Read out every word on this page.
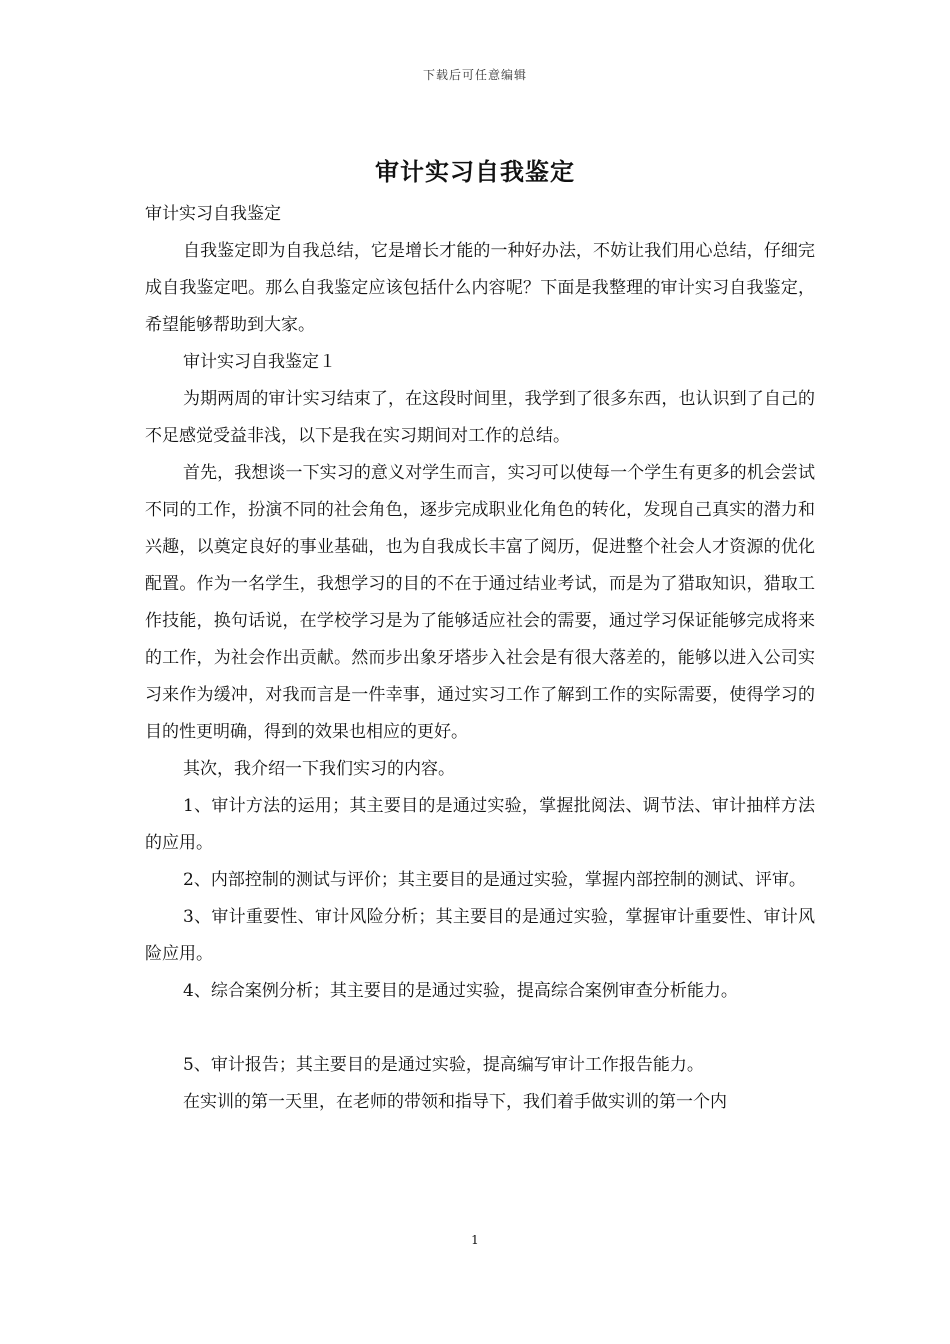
下载后可任意编辑
审计实习自我鉴定

审计实习自我鉴定

自我鉴定即为自我总结，它是增长才能的一种好办法，不妨让我们用心总结，仔细完成自我鉴定吧。那么自我鉴定应该包括什么内容呢？下面是我整理的审计实习自我鉴定，希望能够帮助到大家。

审计实习自我鉴定１

为期两周的审计实习结束了，在这段时间里，我学到了很多东西，也认识到了自己的不足感觉受益非浅，以下是我在实习期间对工作的总结。

首先，我想谈一下实习的意义对学生而言，实习可以使每一个学生有更多的机会尝试不同的工作，扮演不同的社会角色，逐步完成职业化角色的转化，发现自己真实的潜力和兴趣，以奠定良好的事业基础，也为自我成长丰富了阅历，促进整个社会人才资源的优化配置。作为一名学生，我想学习的目的不在于通过结业考试，而是为了猎取知识，猎取工作技能，换句话说，在学校学习是为了能够适应社会的需要，通过学习保证能够完成将来的工作，为社会作出贡献。然而步出象牙塔步入社会是有很大落差的，能够以进入公司实习来作为缓冲，对我而言是一件幸事，通过实习工作了解到工作的实际需要，使得学习的目的性更明确，得到的效果也相应的更好。

其次，我介绍一下我们实习的内容。

1、审计方法的运用；其主要目的是通过实验，掌握批阅法、调节法、审计抽样方法的应用。

2、内部控制的测试与评价；其主要目的是通过实验，掌握内部控制的测试、评审。

3、审计重要性、审计风险分析；其主要目的是通过实验，掌握审计重要性、审计风险应用。

4、综合案例分析；其主要目的是通过实验，提高综合案例审查分析能力。

5、审计报告；其主要目的是通过实验，提高编写审计工作报告能力。

在实训的第一天里，在老师的带领和指导下，我们着手做实训的第一个内

1
